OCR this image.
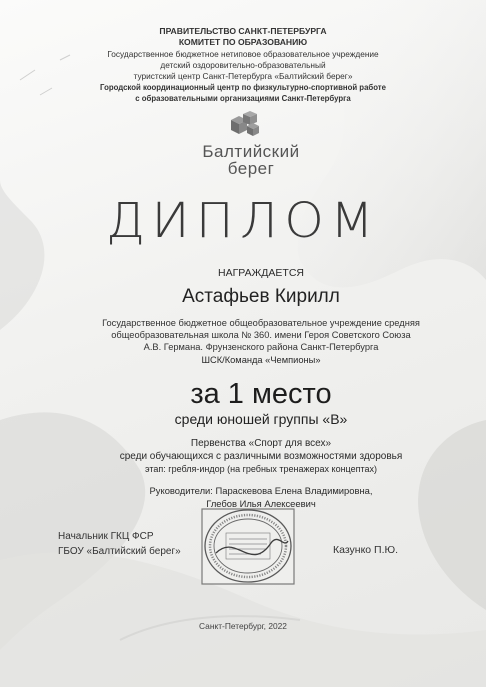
ПРАВИТЕЛЬСТВО САНКТ-ПЕТЕРБУРГА
КОМИТЕТ ПО ОБРАЗОВАНИЮ
Государственное бюджетное нетиповое образовательное учреждение
детский оздоровительно-образовательный
туристский центр Санкт-Петербурга «Балтийский берег»
Городской координационный центр по физкультурно-спортивной работе
с образовательными организациями Санкт-Петербурга
Балтийский
берег
ДИПЛОМ
НАГРАЖДАЕТСЯ
Астафьев Кирилл
Государственное бюджетное общеобразовательное учреждение средняя
общеобразовательная школа № 360. имени Героя Советского Союза
А.В. Германа. Фрунзенского района Санкт-Петербурга
ШСК/Команда «Чемпионы»
за 1 место
среди юношей группы «В»
Первенства «Спорт для всех»
среди обучающихся с различными возможностями здоровья
этап: гребля-индор (на гребных тренажерах концептах)
Руководители: Параскевова Елена Владимировна,
Глебов Илья Алексеевич
Начальник ГКЦ ФСР
ГБОУ «Балтийский берег»	Казунко П.Ю.
Санкт-Петербург, 2022
